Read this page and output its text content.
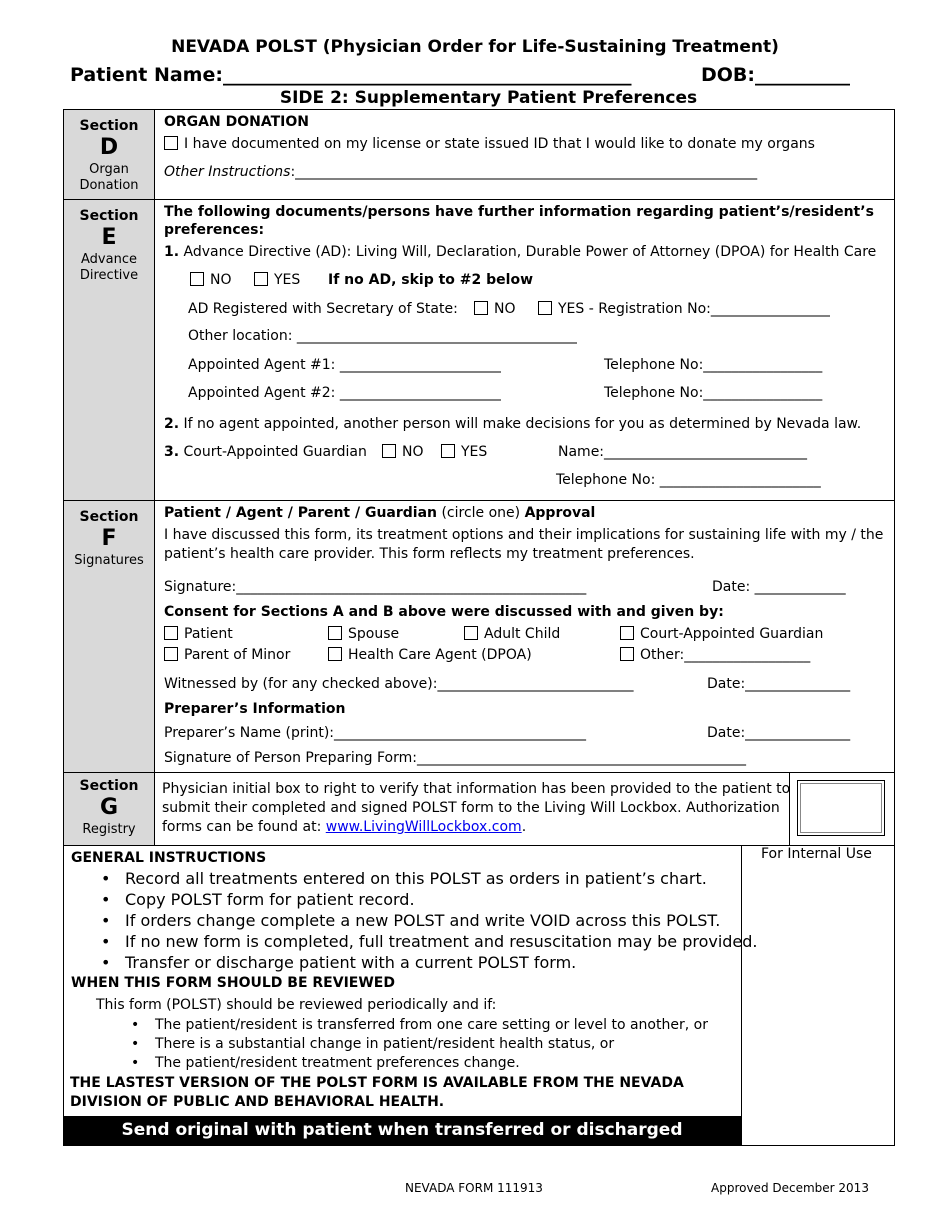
NEVADA POLST (Physician Order for Life-Sustaining Treatment)
Patient Name:___________________________________________	DOB:__________
SIDE 2: Supplementary Patient Preferences
Section
D
Organ
Donation
ORGAN DONATION
I have documented on my license or state issued ID that I would like to donate my organs
Other Instructions:__________________________________________________________________
Section
E
Advance
Directive
The following documents/persons have further information regarding patient’s/resident’s
preferences:
1. Advance Directive (AD): Living Will, Declaration, Durable Power of Attorney (DPOA) for Health Care
NO	YES If no AD, skip to #2 below
AD Registered with Secretary of State:	NO	YES - Registration No:_________________
Other location: ________________________________________
Appointed Agent #1: _______________________	Telephone No:_________________
Appointed Agent #2: _______________________	Telephone No:_________________
2. If no agent appointed, another person will make decisions for you as determined by Nevada law.
3. Court-Appointed Guardian	NO	YES	Name:_____________________________
Telephone No: _______________________
Section
F
Signatures
Patient / Agent / Parent / Guardian (circle one) Approval
I have discussed this form, its treatment options and their implications for sustaining life with my / the
patient’s health care provider. This form reflects my treatment preferences.
Signature:__________________________________________________	Date: _____________
Consent for Sections A and B above were discussed with and given by:
Patient	Spouse	Adult Child	Court-Appointed Guardian
Parent of Minor	Health Care Agent (DPOA)	Other:__________________
Witnessed by (for any checked above):____________________________	Date:_______________
Preparer’s Information
Preparer’s Name (print):____________________________________	Date:_______________
Signature of Person Preparing Form:_______________________________________________
Section
G
Registry
Physician initial box to right to verify that information has been provided to the patient to
submit their completed and signed POLST form to the Living Will Lockbox. Authorization
forms can be found at: www.LivingWillLockbox.com.
For Internal Use
GENERAL INSTRUCTIONS
• Record all treatments entered on this POLST as orders in patient’s chart.
• Copy POLST form for patient record.
• If orders change complete a new POLST and write VOID across this POLST.
• If no new form is completed, full treatment and resuscitation may be provided.
• Transfer or discharge patient with a current POLST form.
WHEN THIS FORM SHOULD BE REVIEWED
This form (POLST) should be reviewed periodically and if:
• The patient/resident is transferred from one care setting or level to another, or
• There is a substantial change in patient/resident health status, or
• The patient/resident treatment preferences change.
THE LASTEST VERSION OF THE POLST FORM IS AVAILABLE FROM THE NEVADA
DIVISION OF PUBLIC AND BEHAVIORAL HEALTH.
Send original with patient when transferred or discharged
NEVADA FORM 111913	Approved December 2013
